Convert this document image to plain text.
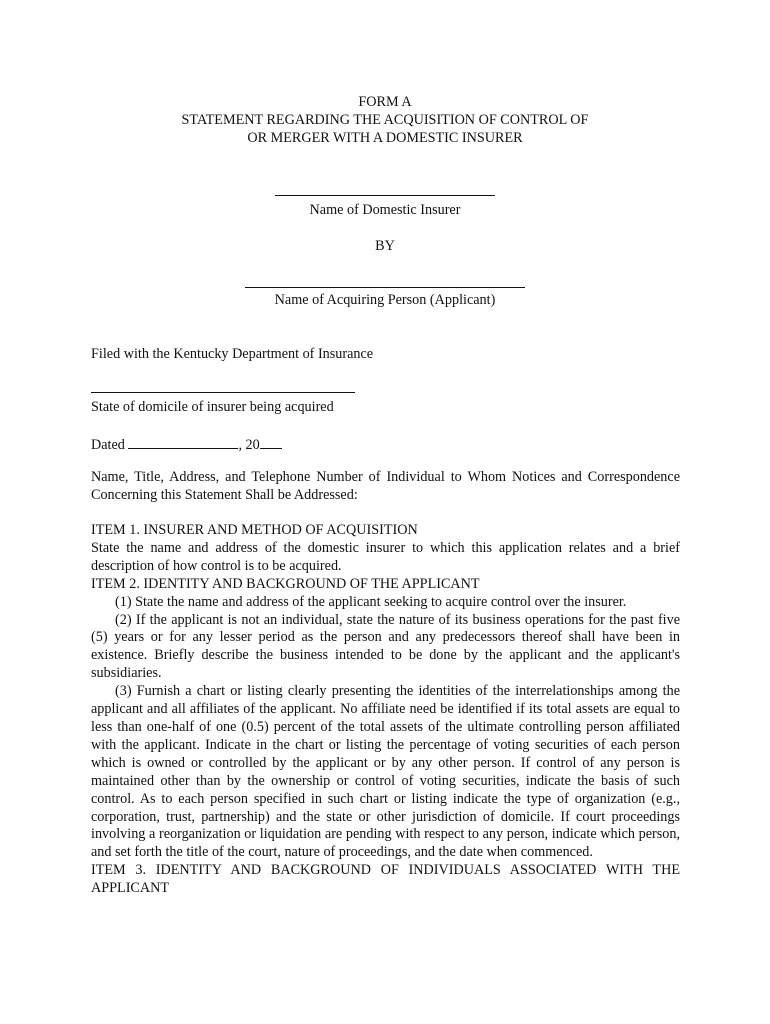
FORM A
STATEMENT REGARDING THE ACQUISITION OF CONTROL OF
OR MERGER WITH A DOMESTIC INSURER
Name of Domestic Insurer
BY
Name of Acquiring Person (Applicant)
Filed with the Kentucky Department of Insurance
State of domicile of insurer being acquired
Dated	, 20

Name, Title, Address, and Telephone Number of Individual to Whom Notices and Correspondence Concerning this Statement Shall be Addressed:

ITEM 1. INSURER AND METHOD OF ACQUISITION

State the name and address of the domestic insurer to which this application relates and a brief description of how control is to be acquired.

ITEM 2. IDENTITY AND BACKGROUND OF THE APPLICANT

(1) State the name and address of the applicant seeking to acquire control over the insurer.

(2) If the applicant is not an individual, state the nature of its business operations for the past five (5) years or for any lesser period as the person and any predecessors thereof shall have been in existence. Briefly describe the business intended to be done by the applicant and the applicant's subsidiaries.

(3) Furnish a chart or listing clearly presenting the identities of the interrelationships among the applicant and all affiliates of the applicant. No affiliate need be identified if its total assets are equal to less than one-half of one (0.5) percent of the total assets of the ultimate controlling person affiliated with the applicant. Indicate in the chart or listing the percentage of voting securities of each person which is owned or controlled by the applicant or by any other person. If control of any person is maintained other than by the ownership or control of voting securities, indicate the basis of such control. As to each person specified in such chart or listing indicate the type of organization (e.g., corporation, trust, partnership) and the state or other jurisdiction of domicile. If court proceedings involving a reorganization or liquidation are pending with respect to any person, indicate which person, and set forth the title of the court, nature of proceedings, and the date when commenced.

ITEM 3. IDENTITY AND BACKGROUND OF INDIVIDUALS ASSOCIATED WITH THE APPLICANT
